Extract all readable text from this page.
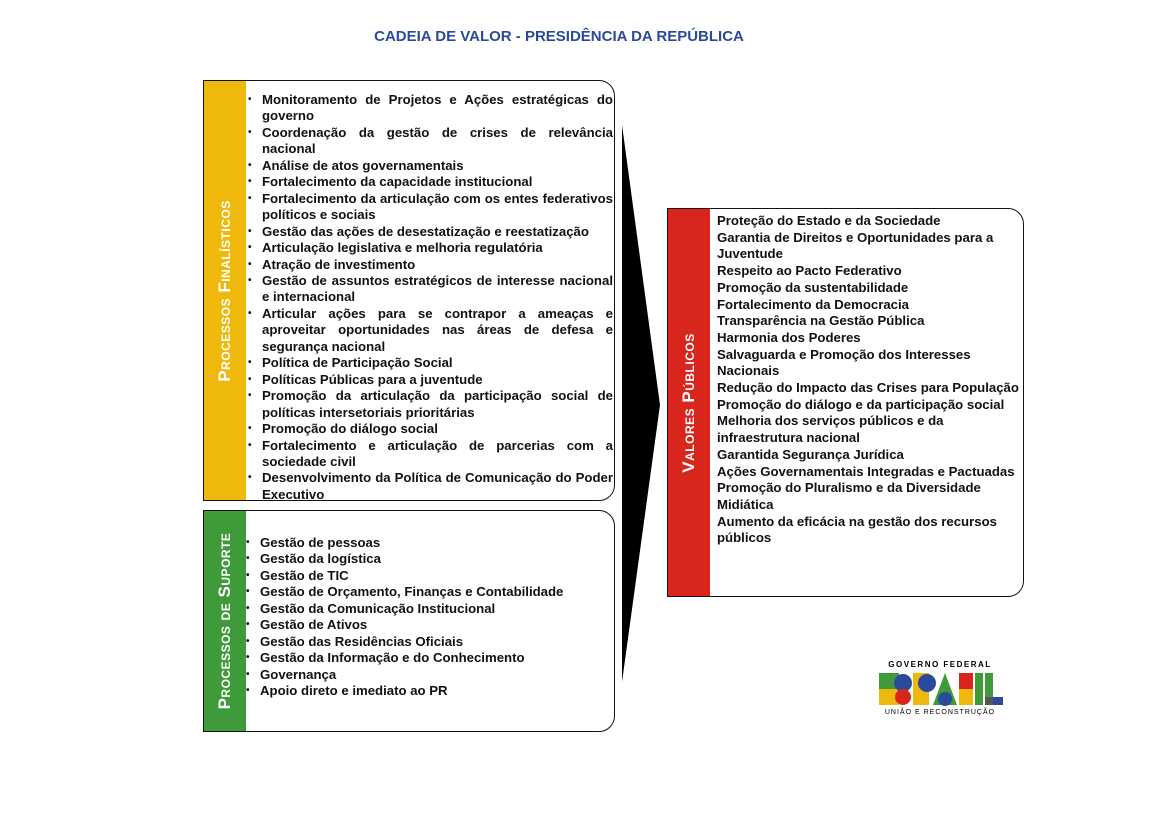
CADEIA DE VALOR - PRESIDÊNCIA DA REPÚBLICA
Processos Finalísticos
• Monitoramento de Projetos e Ações estratégicas do governo
• Coordenação da gestão de crises de relevância nacional
• Análise de atos governamentais
• Fortalecimento da capacidade institucional
• Fortalecimento da articulação com os entes federativos políticos e sociais
• Gestão das ações de desestatização e reestatização
• Articulação legislativa e melhoria regulatória
• Atração de investimento
• Gestão de assuntos estratégicos de interesse nacional e internacional
• Articular ações para se contrapor a ameaças e aproveitar oportunidades nas áreas de defesa e segurança nacional
• Política de Participação Social
• Políticas Públicas para a juventude
• Promoção da articulação da participação social de políticas intersetoriais prioritárias
• Promoção do diálogo social
• Fortalecimento e articulação de parcerias com a sociedade civil
• Desenvolvimento da Política de Comunicação do Poder Executivo
Processos de Suporte • Gestão de pessoas
• Gestão da logística
• Gestão de TIC
• Gestão de Orçamento, Finanças e Contabilidade
• Gestão da Comunicação Institucional
• Gestão de Ativos
• Gestão das Residências Oficiais
• Gestão da Informação e do Conhecimento
• Governança
• Apoio direto e imediato ao PR
Valores Públicos
Proteção do Estado e da Sociedade
Garantia de Direitos e Oportunidades para a Juventude
Respeito ao Pacto Federativo
Promoção da sustentabilidade
Fortalecimento da Democracia
Transparência na Gestão Pública
Harmonia dos Poderes
Salvaguarda e Promoção dos Interesses Nacionais
Redução do Impacto das Crises para População
Promoção do diálogo e da participação social
Melhoria dos serviços públicos e da infraestrutura nacional
Garantida Segurança Jurídica
Ações Governamentais Integradas e Pactuadas
Promoção do Pluralismo e da Diversidade Midiática
Aumento da eficácia na gestão dos recursos públicos
GOVERNO FEDERAL
UNIÃO E RECONSTRUÇÃO
